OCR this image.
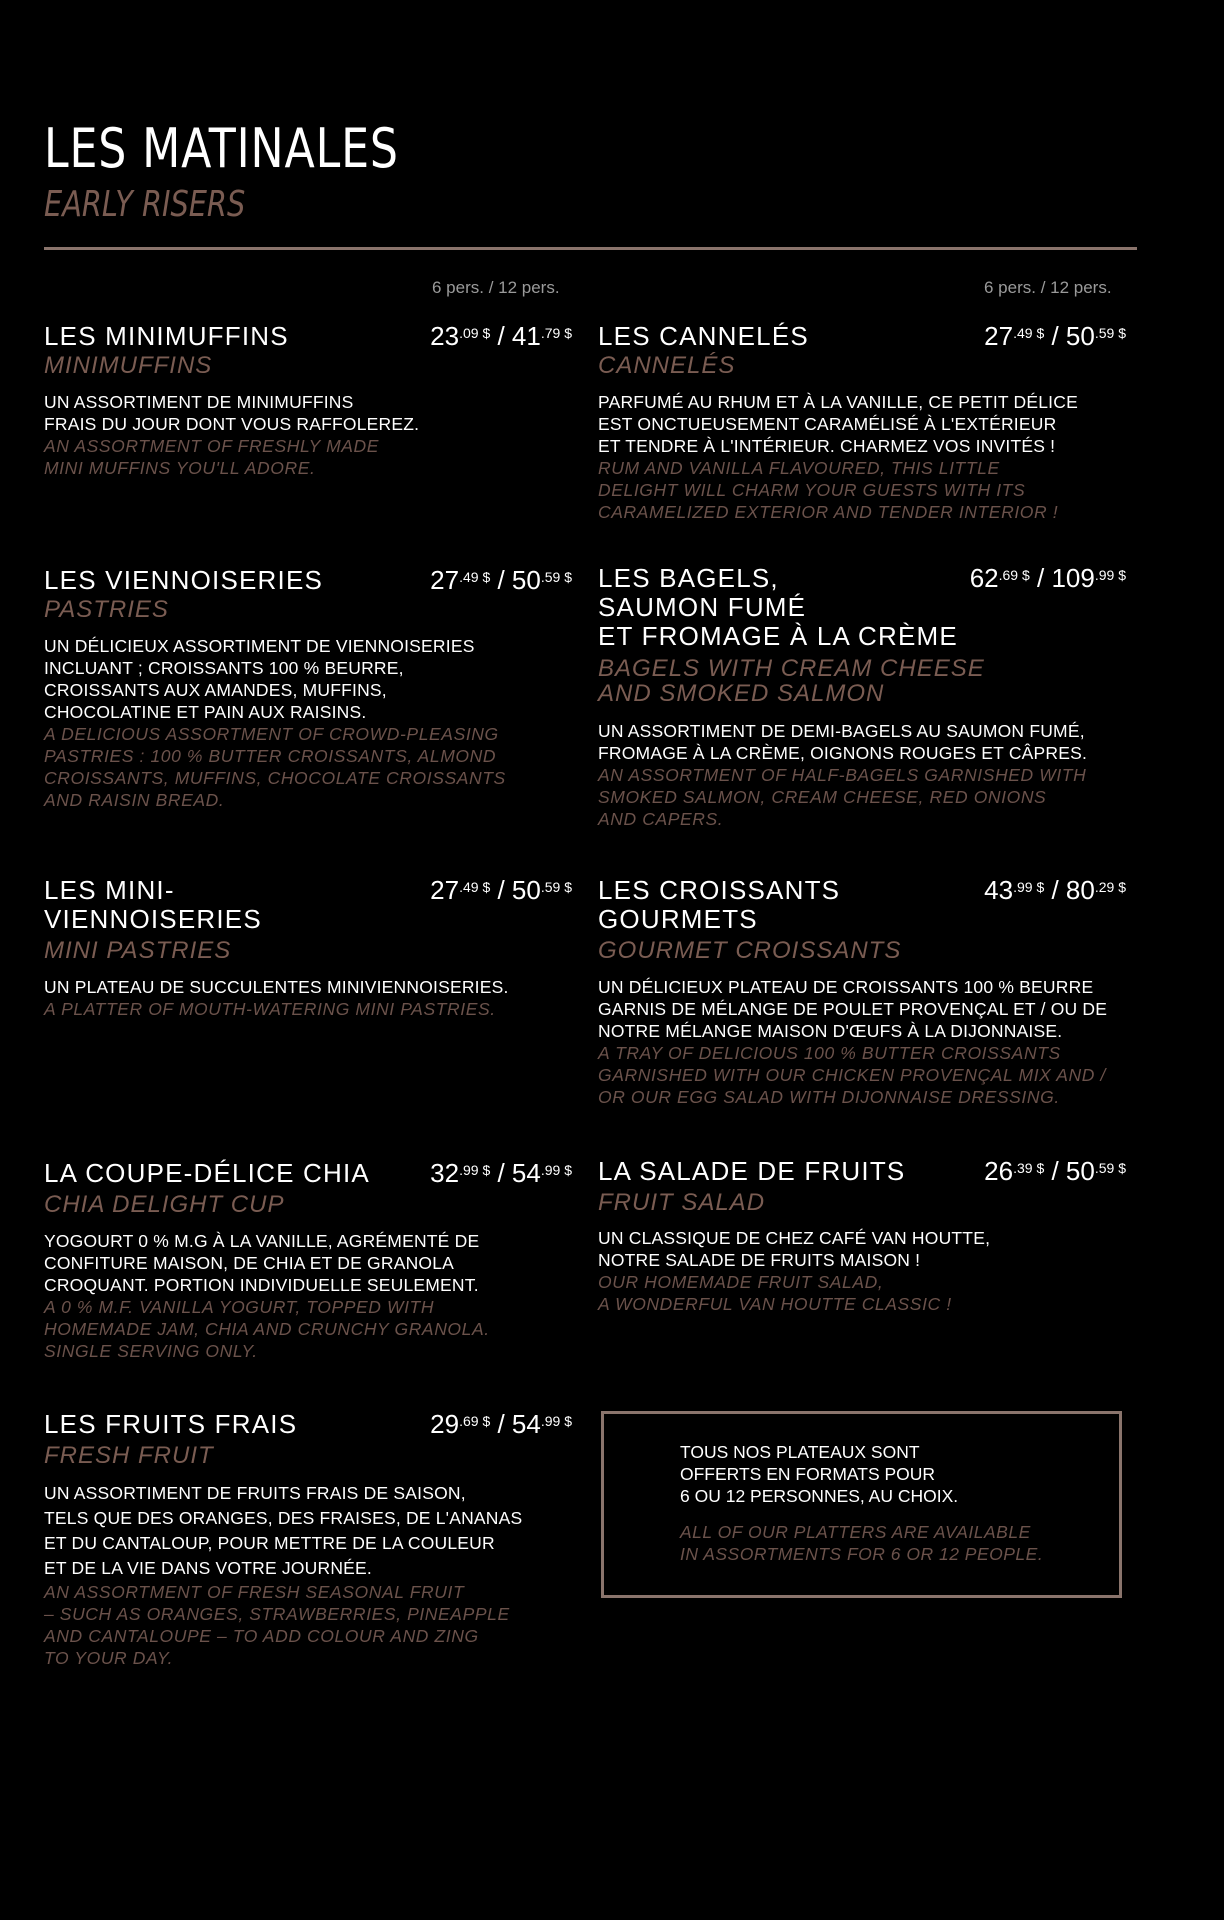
LES MATINALES
EARLY RISERS
6 pers. / 12 pers.	6 pers. / 12 pers.
LES MINIMUFFINS
MINIMUFFINS
UN ASSORTIMENT DE MINIMUFFINS
FRAIS DU JOUR DONT VOUS RAFFOLEREZ.
AN ASSORTMENT OF FRESHLY MADE
MINI MUFFINS YOU'LL ADORE.
$23^{.09 \$} / 41^{.79 \$}$ LES CANNELÉS
CANNELÉS
PARFUMÉ AU RHUM ET À LA VANILLE, CE PETIT DÉLICE
EST ONCTUEUSEMENT CARAMÉLISÉ À L'EXTÉRIEUR
ET TENDRE À L'INTÉRIEUR. CHARMEZ VOS INVITÉS !
RUM AND VANILLA FLAVOURED, THIS LITTLE
DELIGHT WILL CHARM YOUR GUESTS WITH ITS
CARAMELIZED EXTERIOR AND TENDER INTERIOR !
$27^{.49 \$} / 50^{.59 \$}$
LES VIENNOISERIES
PASTRIES
UN DÉLICIEUX ASSORTIMENT DE VIENNOISERIES
INCLUANT ; CROISSANTS 100 % BEURRE,
CROISSANTS AUX AMANDES, MUFFINS,
CHOCOLATINE ET PAIN AUX RAISINS.
A DELICIOUS ASSORTMENT OF CROWD-PLEASING
PASTRIES : 100 % BUTTER CROISSANTS, ALMOND
CROISSANTS, MUFFINS, CHOCOLATE CROISSANTS
AND RAISIN BREAD.
$27^{.49 \$} / 50^{.59 \$}$ LES BAGELS,
SAUMON FUMÉ
ET FROMAGE À LA CRÈME
BAGELS WITH CREAM CHEESE
AND SMOKED SALMON
UN ASSORTIMENT DE DEMI-BAGELS AU SAUMON FUMÉ,
FROMAGE À LA CRÈME, OIGNONS ROUGES ET CÂPRES.
AN ASSORTMENT OF HALF-BAGELS GARNISHED WITH
SMOKED SALMON, CREAM CHEESE, RED ONIONS
AND CAPERS.
$62^{.69 \$} / 109^{.99 \$}$
LES MINI-
VIENNOISERIES
MINI PASTRIES
UN PLATEAU DE SUCCULENTES MINIVIENNOISERIES.
A PLATTER OF MOUTH-WATERING MINI PASTRIES.
$27^{.49 \$} / 50^{.59 \$}$ LES CROISSANTS
GOURMETS
GOURMET CROISSANTS
UN DÉLICIEUX PLATEAU DE CROISSANTS 100 % BEURRE
GARNIS DE MÉLANGE DE POULET PROVENÇAL ET / OU DE
NOTRE MÉLANGE MAISON D'ŒUFS À LA DIJONNAISE.
A TRAY OF DELICIOUS 100 % BUTTER CROISSANTS
GARNISHED WITH OUR CHICKEN PROVENÇAL MIX AND /
OR OUR EGG SALAD WITH DIJONNAISE DRESSING.
$43^{.99 \$} / 80^{.29 \$}$
LA COUPE-DÉLICE CHIA
CHIA DELIGHT CUP
YOGOURT 0 % M.G À LA VANILLE, AGRÉMENTÉ DE
CONFITURE MAISON, DE CHIA ET DE GRANOLA
CROQUANT. PORTION INDIVIDUELLE SEULEMENT.
A 0 % M.F. VANILLA YOGURT, TOPPED WITH
HOMEMADE JAM, CHIA AND CRUNCHY GRANOLA.
SINGLE SERVING ONLY.
$32^{.99 \$} / 54^{.99 \$}$ LA SALADE DE FRUITS
FRUIT SALAD
UN CLASSIQUE DE CHEZ CAFÉ VAN HOUTTE,
NOTRE SALADE DE FRUITS MAISON !
OUR HOMEMADE FRUIT SALAD,
A WONDERFUL VAN HOUTTE CLASSIC !
$26^{.39 \$} / 50^{.59 \$}$
LES FRUITS FRAIS
FRESH FRUIT
UN ASSORTIMENT DE FRUITS FRAIS DE SAISON,
TELS QUE DES ORANGES, DES FRAISES, DE L'ANANAS
ET DU CANTALOUP, POUR METTRE DE LA COULEUR
ET DE LA VIE DANS VOTRE JOURNÉE.
AN ASSORTMENT OF FRESH SEASONAL FRUIT
– SUCH AS ORANGES, STRAWBERRIES, PINEAPPLE
AND CANTALOUPE – TO ADD COLOUR AND ZING
TO YOUR DAY.
$29^{.69 \$} / 54^{.99 \$}$
TOUS NOS PLATEAUX SONT
OFFERTS EN FORMATS POUR
6 OU 12 PERSONNES, AU CHOIX.
ALL OF OUR PLATTERS ARE AVAILABLE
IN ASSORTMENTS FOR 6 OR 12 PEOPLE.
